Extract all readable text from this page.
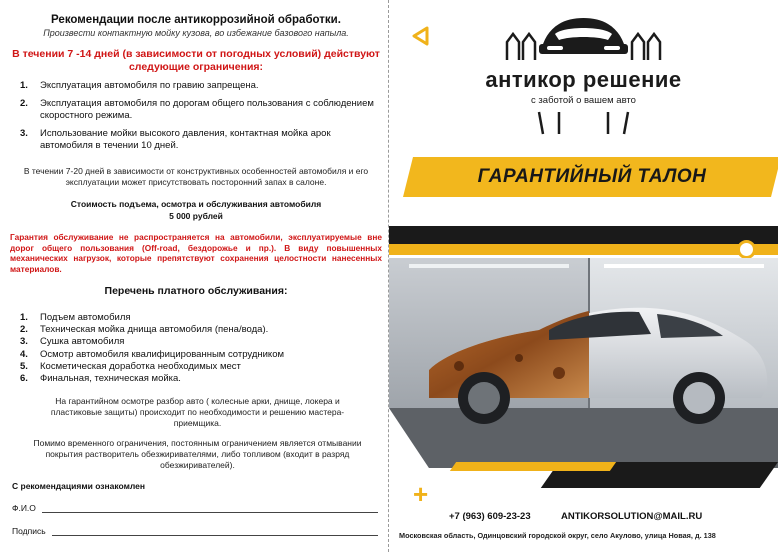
Рекомендации после антикоррозийной обработки.
Произвести контактную мойку кузова, во избежание базового напыла.
В течении 7 -14 дней (в зависимости от погодных условий) действуют следующие ограничения:
1. Эксплуатация автомобиля по гравию запрещена.
2. Эксплуатация автомобиля по дорогам общего пользования с соблюдением скоростного режима.
3. Использование мойки высокого давления, контактная мойка арок автомобиля в течении 10 дней.
В течении 7-20 дней в зависимости от конструктивных особенностей автомобиля и его эксплуатации может присутствовать посторонний запах в салоне.
Стоимость подъема, осмотра и обслуживания автомобиля
5 000 рублей
Гарантия обслуживание не распространяется на автомобили, эксплуатируемые вне дорог общего пользования (Off-road, бездорожье и пр.). В виду повышенных механических нагрузок, которые препятствуют сохранения целостности нанесенных материалов.
Перечень платного обслуживания:
1. Подъем автомобиля
2. Техническая мойка днища автомобиля (пена/вода).
3. Сушка автомобиля
4. Осмотр автомобиля квалифицированным сотрудником
5. Косметическая доработка необходимых мест
6. Финальная, техническая мойка.
На гарантийном осмотре разбор авто ( колесные арки, днище, локера и пластиковые защиты) происходит по необходимости и решению мастера-приемщика.
Помимо временного ограничения, постоянным ограничением является отмывании покрытия растворитель обезжиривателями, либо топливом (входит в разряд обезжиривателей).
С рекомендациями ознакомлен
Ф.И.О
Подпись
антикор решение
с заботой о вашем авто
ГАРАНТИЙНЫЙ ТАЛОН
+
+7 (963) 609-23-23	ANTIKORSOLUTION@MAIL.RU
Московская область, Одинцовский городской округ, село Акулово, улица Новая, д. 138
